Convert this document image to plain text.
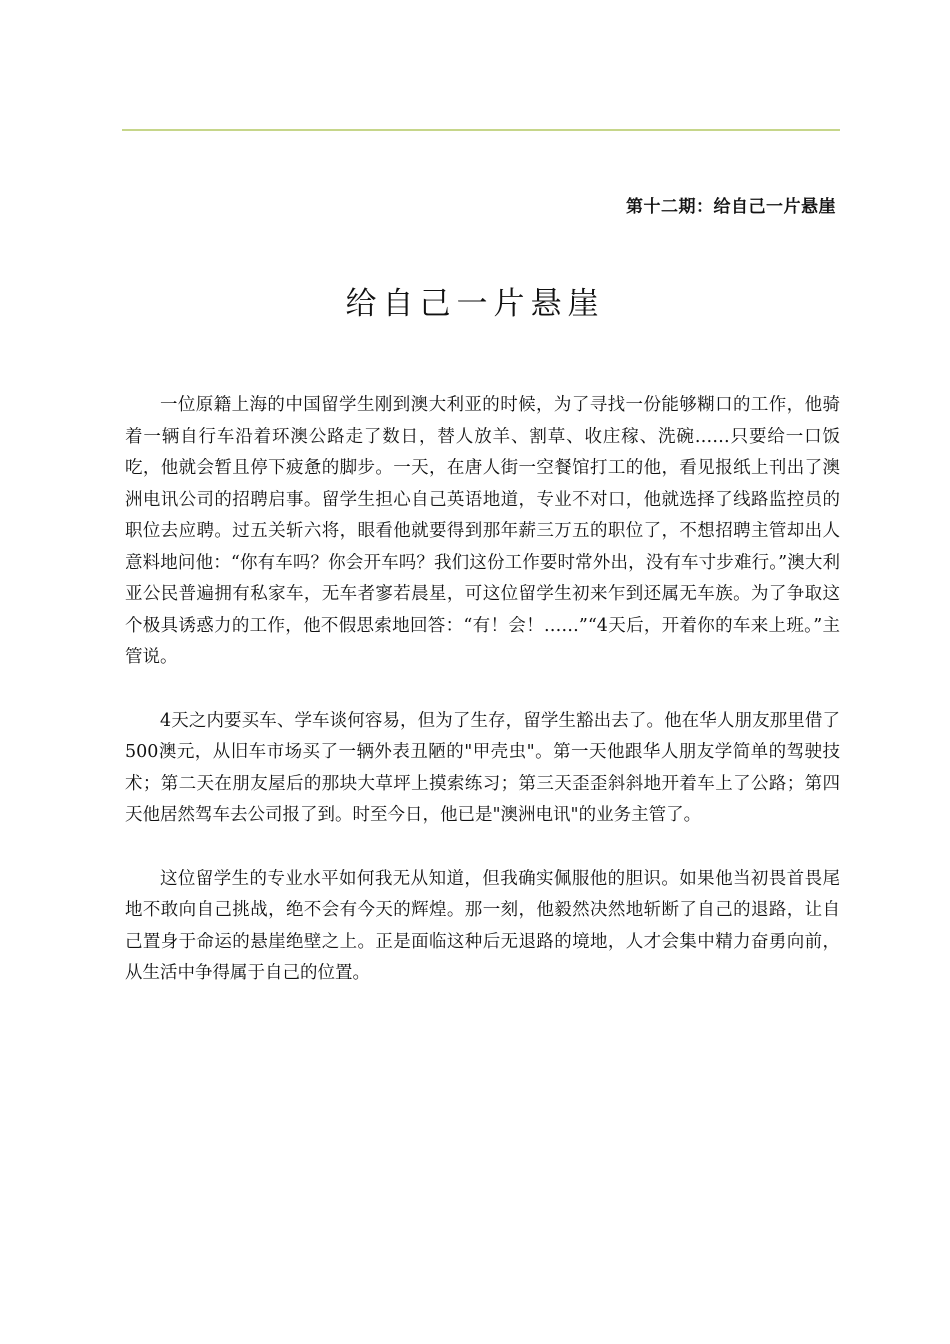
第十二期：给自己一片悬崖
给自己一片悬崖

一位原籍上海的中国留学生刚到澳大利亚的时候，为了寻找一份能够糊口的工作，他骑着一辆自行车沿着环澳公路走了数日，替人放羊、割草、收庄稼、洗碗……只要给一口饭吃，他就会暂且停下疲惫的脚步。一天，在唐人街一空餐馆打工的他，看见报纸上刊出了澳洲电讯公司的招聘启事。留学生担心自己英语地道，专业不对口，他就选择了线路监控员的职位去应聘。过五关斩六将，眼看他就要得到那年薪三万五的职位了，不想招聘主管却出人意料地问他：“你有车吗？你会开车吗？我们这份工作要时常外出，没有车寸步难行。”澳大利亚公民普遍拥有私家车，无车者寥若晨星，可这位留学生初来乍到还属无车族。为了争取这个极具诱惑力的工作，他不假思索地回答：“有！会！……”“4天后，开着你的车来上班。”主管说。

4天之内要买车、学车谈何容易，但为了生存，留学生豁出去了。他在华人朋友那里借了500澳元，从旧车市场买了一辆外表丑陋的"甲壳虫"。第一天他跟华人朋友学简单的驾驶技术；第二天在朋友屋后的那块大草坪上摸索练习；第三天歪歪斜斜地开着车上了公路；第四天他居然驾车去公司报了到。时至今日，他已是"澳洲电讯"的业务主管了。

这位留学生的专业水平如何我无从知道，但我确实佩服他的胆识。如果他当初畏首畏尾地不敢向自己挑战，绝不会有今天的辉煌。那一刻，他毅然决然地斩断了自己的退路，让自己置身于命运的悬崖绝壁之上。正是面临这种后无退路的境地，人才会集中精力奋勇向前，从生活中争得属于自己的位置。
